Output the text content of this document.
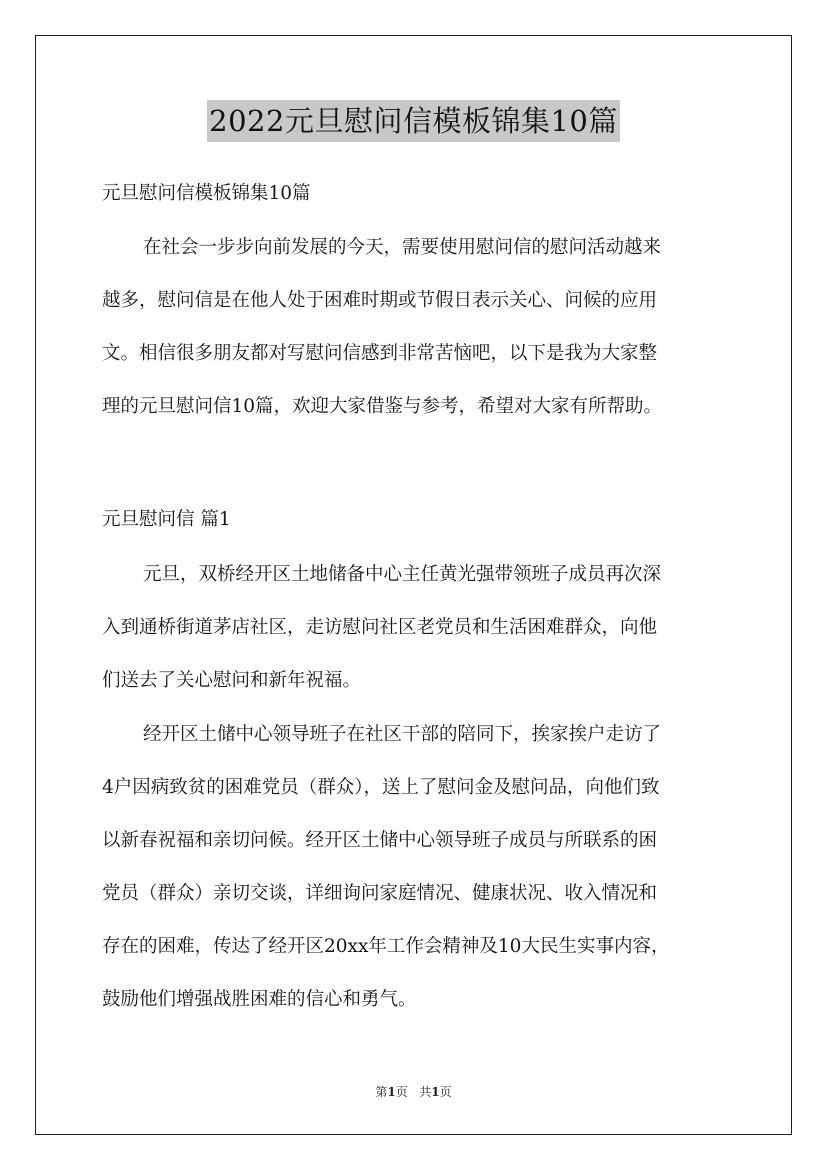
2022元旦慰问信模板锦集10篇
元旦慰问信模板锦集10篇
在社会一步步向前发展的今天，需要使用慰问信的慰问活动越来
越多，慰问信是在他人处于困难时期或节假日表示关心、问候的应用
文。相信很多朋友都对写慰问信感到非常苦恼吧，以下是我为大家整
理的元旦慰问信10篇，欢迎大家借鉴与参考，希望对大家有所帮助。
元旦慰问信 篇1
元旦，双桥经开区土地储备中心主任黄光强带领班子成员再次深
入到通桥街道茅店社区，走访慰问社区老党员和生活困难群众，向他
们送去了关心慰问和新年祝福。
经开区土储中心领导班子在社区干部的陪同下，挨家挨户走访了
4户因病致贫的困难党员（群众），送上了慰问金及慰问品，向他们致
以新春祝福和亲切问候。经开区土储中心领导班子成员与所联系的困
党员（群众）亲切交谈，详细询问家庭情况、健康状况、收入情况和
存在的困难，传达了经开区20xx年工作会精神及10大民生实事内容，
鼓励他们增强战胜困难的信心和勇气。
第1页 共1页
